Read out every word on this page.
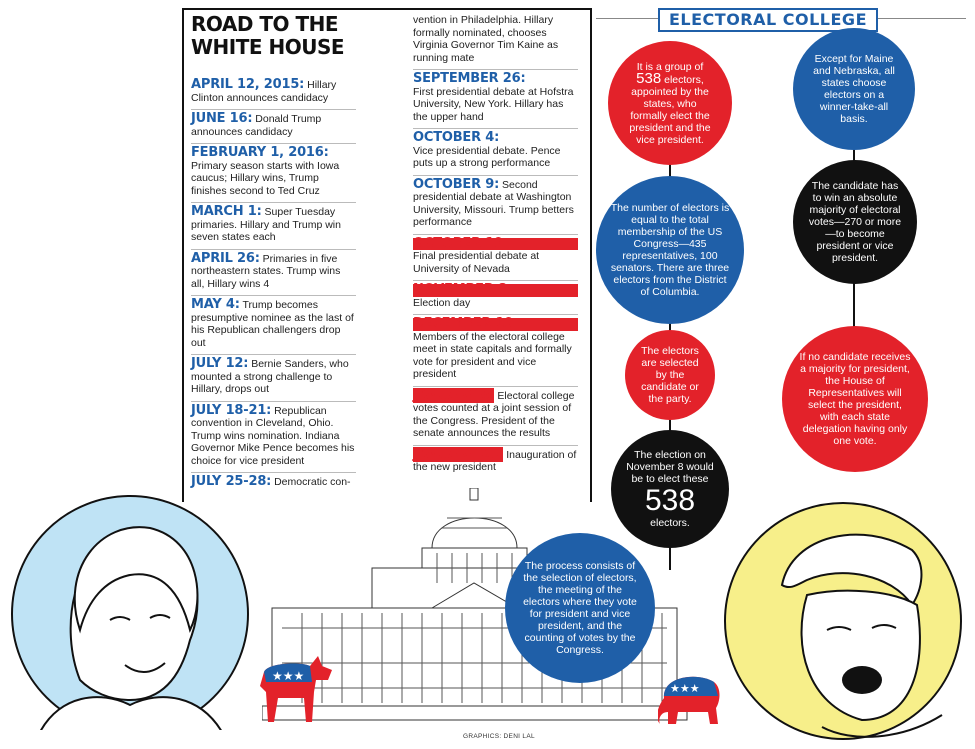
ROAD TO THE
WHITE HOUSE
APRIL 12, 2015: Hillary Clinton announces candidacy
JUNE 16: Donald Trump announces candidacy
FEBRUARY 1, 2016: Primary season starts with Iowa caucus; Hillary wins, Trump finishes second to Ted Cruz
MARCH 1: Super Tuesday primaries. Hillary and Trump win seven states each
APRIL 26: Primaries in five northeastern states. Trump wins all, Hillary wins 4
MAY 4: Trump becomes presumptive nominee as the last of his Republican challengers drop out
JULY 12: Bernie Sanders, who mounted a strong challenge to Hillary, drops out
JULY 18-21: Republican convention in Cleveland, Ohio. Trump wins nomination. Indiana Governor Mike Pence becomes his choice for vice president
JULY 25-28: Democratic con-
vention in Philadelphia. Hillary formally nominated, chooses Virginia Governor Tim Kaine as running mate
SEPTEMBER 26:
First presidential debate at Hofstra University, New York. Hillary has the upper hand
OCTOBER 4:
Vice presidential debate. Pence puts up a strong performance
OCTOBER 9: Second presidential debate at Washington University, Missouri. Trump betters performance
OCTOBER 19:
Final presidential debate at University of Nevada
NOVEMBER 8:
Election day
DECEMBER 19:
Members of the electoral college meet in state capitals and formally vote for president and vice president
JANUARY 6: Electoral college votes counted at a joint session of the Congress. President of the senate announces the results
JANUARY 20: Inauguration of the new president
ELECTORAL COLLEGE
★★★
★★★
It is a group of 538 electors, appointed by the states, who formally elect the president and the vice president.
The number of electors is equal to the total membership of the US Congress—435 representatives, 100 senators. There are three electors from the District of Columbia.
The electors are selected by the candidate or the party.
The election on November 8 would be to elect these
538
electors.
The process consists of the selection of electors, the meeting of the electors where they vote for president and vice president, and the counting of votes by the Congress.
Except for Maine and Nebraska, all states choose electors on a winner-take-all basis.
The candidate has to win an absolute majority of electoral votes—270 or more—to become president or vice president.
If no candidate receives a majority for president, the House of Representatives will select the president, with each state delegation having only one vote.
GRAPHICS: DENI LAL
